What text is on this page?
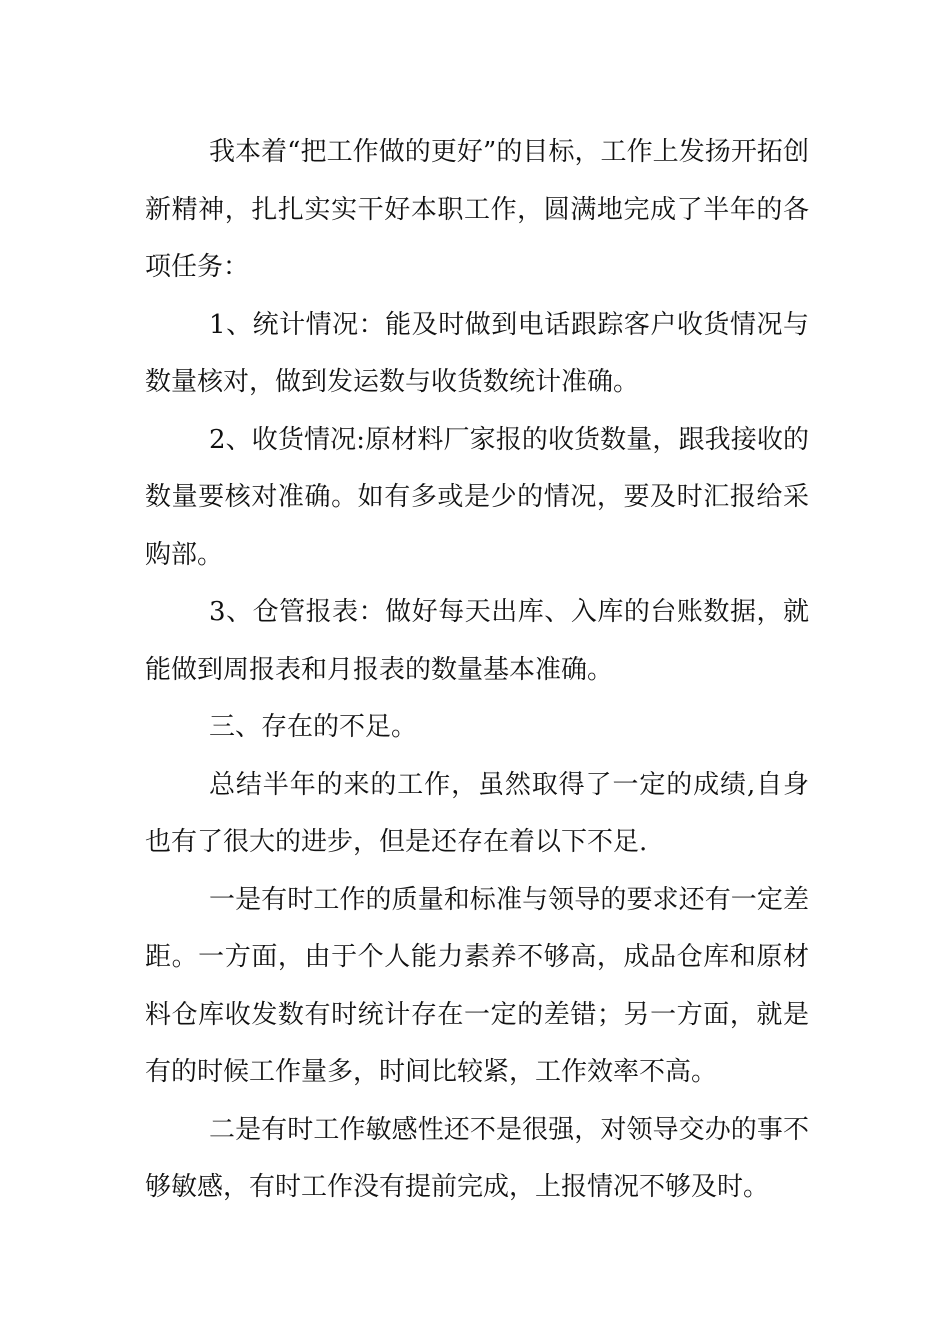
我本着“把工作做的更好”的目标，工作上发扬开拓创新精神，扎扎实实干好本职工作，圆满地完成了半年的各项任务：

1、统计情况：能及时做到电话跟踪客户收货情况与数量核对，做到发运数与收货数统计准确。

2、收货情况:原材料厂家报的收货数量，跟我接收的数量要核对准确。如有多或是少的情况，要及时汇报给采购部。

3、仓管报表：做好每天出库、入库的台账数据，就能做到周报表和月报表的数量基本准确。

三、存在的不足。

总结半年的来的工作，虽然取得了一定的成绩,自身也有了很大的进步，但是还存在着以下不足.

一是有时工作的质量和标准与领导的要求还有一定差距。一方面，由于个人能力素养不够高，成品仓库和原材料仓库收发数有时统计存在一定的差错；另一方面，就是有的时候工作量多，时间比较紧，工作效率不高。

二是有时工作敏感性还不是很强，对领导交办的事不够敏感，有时工作没有提前完成，上报情况不够及时。
